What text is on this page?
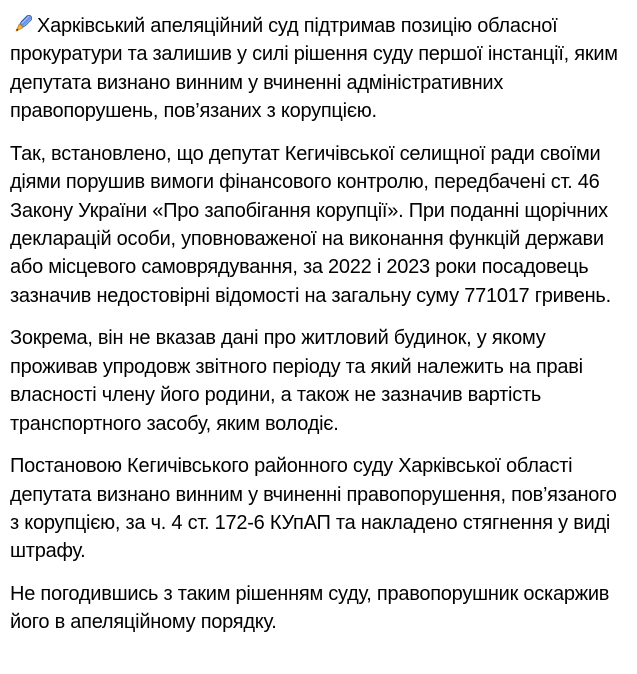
Харківський апеляційний суд підтримав позицію обласної прокуратури та залишив у силі рішення суду першої інстанції, яким депутата визнано винним у вчиненні адміністративних правопорушень, пов’язаних з корупцією.

Так, встановлено, що депутат Кегичівської селищної ради своїми діями порушив вимоги фінансового контролю, передбачені ст. 46 Закону України «Про запобігання корупції». При поданні щорічних декларацій особи, уповноваженої на виконання функцій держави або місцевого самоврядування, за 2022 і 2023 роки посадовець зазначив недостовірні відомості на загальну суму 771017 гривень.

Зокрема, він не вказав дані про житловий будинок, у якому проживав упродовж звітного періоду та який належить на праві власності члену його родини, а також не зазначив вартість транспортного засобу, яким володіє.

Постановою Кегичівського районного суду Харківської області депутата визнано винним у вчиненні правопорушення, пов’язаного з корупцією, за ч. 4 ст. 172-6 КУпАП та накладено стягнення у виді штрафу.

Не погодившись з таким рішенням суду, правопорушник оскаржив його в апеляційному порядку.
